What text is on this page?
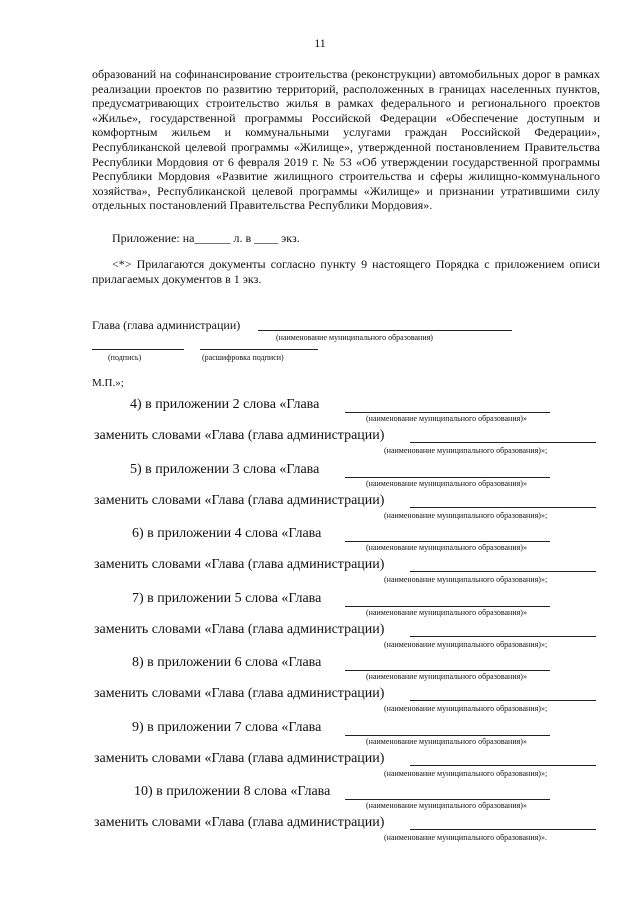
11

образований на софинансирование строительства (реконструкции) автомобильных дорог в рамках реализации проектов по развитию территорий, расположенных в границах населенных пунктов, предусматривающих строительство жилья в рамках федерального и регионального проектов «Жилье», государственной программы Российской Федерации «Обеспечение доступным и комфортным жильем и коммунальными услугами граждан Российской Федерации», Республиканской целевой программы «Жилище», утвержденной постановлением Правительства Республики Мордовия от 6 февраля 2019 г. № 53 «Об утверждении государственной программы Республики Мордовия «Развитие жилищного строительства и сферы жилищно-коммунального хозяйства», Республиканской целевой программы «Жилище» и признании утратившими силу отдельных постановлений Правительства Республики Мордовия».

Приложение: на______ л. в ____ экз.

<*> Прилагаются документы согласно пункту 9 настоящего Порядка с приложением описи прилагаемых документов в 1 экз.

Глава (глава администрации)
(наименование муниципального образования)
(подпись)	(расшифровка подписи)
М.П.»;
4) в приложении 2 слова «Глава
(наименование муниципального образования)»
заменить словами «Глава (глава администрации)
(наименование муниципального образования)»;
5) в приложении 3 слова «Глава
(наименование муниципального образования)»
заменить словами «Глава (глава администрации)
(наименование муниципального образования)»;
6) в приложении 4 слова «Глава
(наименование муниципального образования)»
заменить словами «Глава (глава администрации)
(наименование муниципального образования)»;
7) в приложении 5 слова «Глава
(наименование муниципального образования)»
заменить словами «Глава (глава администрации)
(наименование муниципального образования)»;
8) в приложении 6 слова «Глава
(наименование муниципального образования)»
заменить словами «Глава (глава администрации)
(наименование муниципального образования)»;
9) в приложении 7 слова «Глава
(наименование муниципального образования)»
заменить словами «Глава (глава администрации)
(наименование муниципального образования)»;
10) в приложении 8 слова «Глава
(наименование муниципального образования)»
заменить словами «Глава (глава администрации)
(наименование муниципального образования)».
